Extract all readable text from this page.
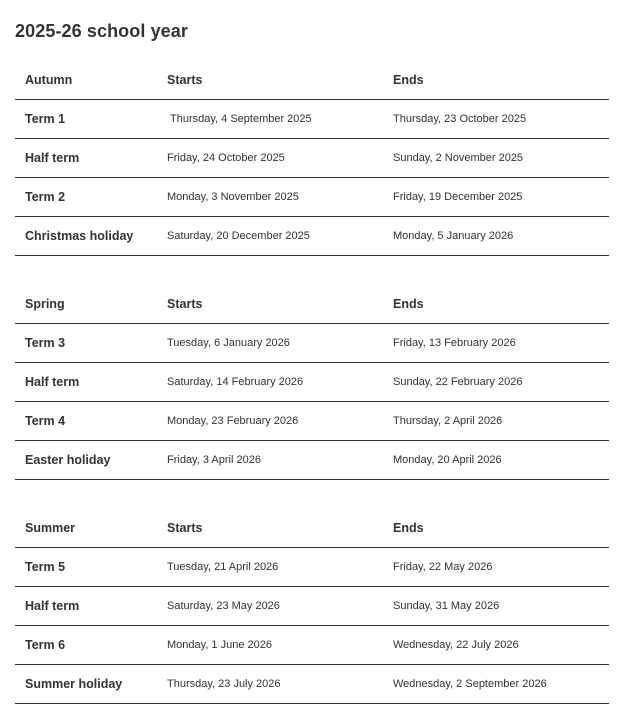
2025-26 school year
Autumn	Starts	Ends
Term 1	Thursday, 4 September 2025	Thursday, 23 October 2025
Half term	Friday, 24 October 2025	Sunday, 2 November 2025
Term 2	Monday, 3 November 2025	Friday, 19 December 2025
Christmas holiday	Saturday, 20 December 2025	Monday, 5 January 2026
Spring	Starts	Ends
Term 3	Tuesday, 6 January 2026	Friday, 13 February 2026
Half term	Saturday, 14 February 2026	Sunday, 22 February 2026
Term 4	Monday, 23 February 2026	Thursday, 2 April 2026
Easter holiday	Friday, 3 April 2026	Monday, 20 April 2026
Summer	Starts	Ends
Term 5	Tuesday, 21 April 2026	Friday, 22 May 2026
Half term	Saturday, 23 May 2026	Sunday, 31 May 2026
Term 6	Monday, 1 June 2026	Wednesday, 22 July 2026
Summer holiday	Thursday, 23 July 2026	Wednesday, 2 September 2026
